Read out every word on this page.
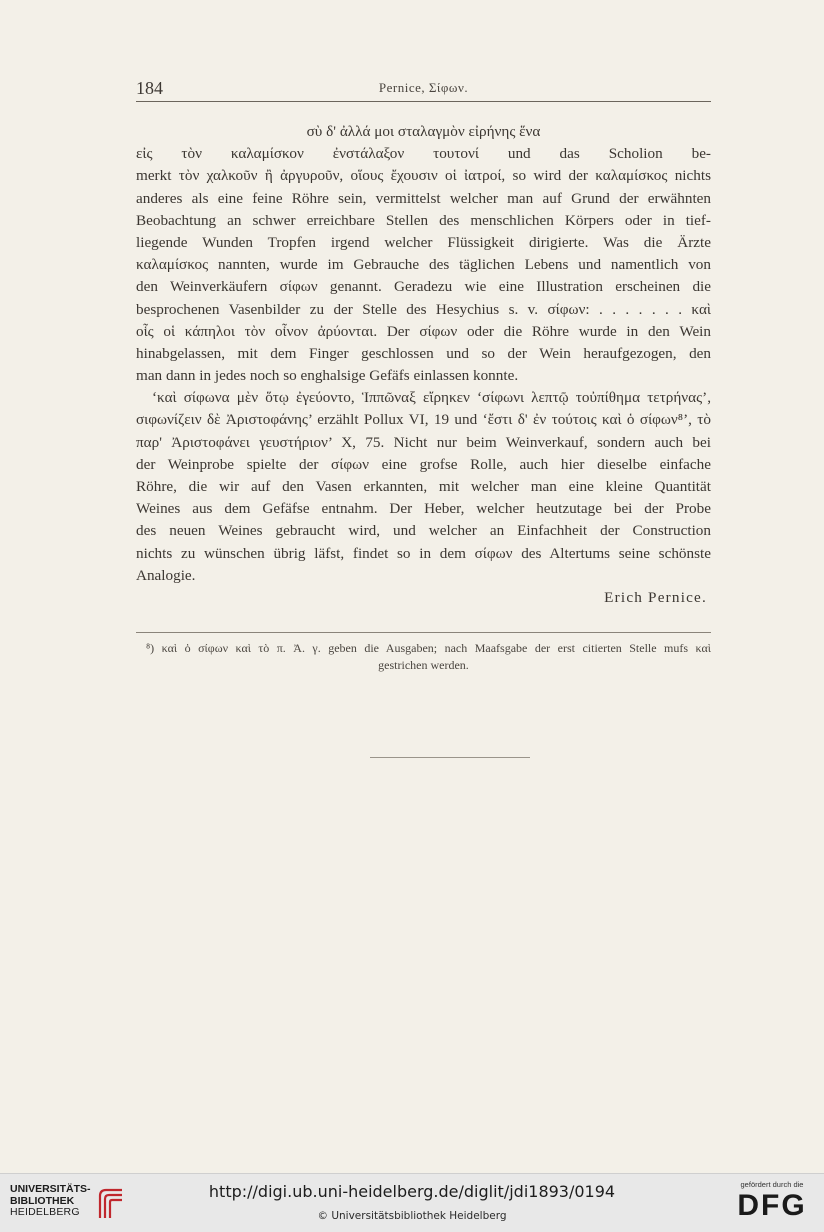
184	Pernice, Σίφων.
σὺ δ' ἀλλά μοι σταλαγμὸν εἰρήνης ἕνα
εἰς τὸν καλαμίσκον ἐνστάλαξον τουτονί und das Scholion be-
merkt τὸν χαλκοῦν ἢ ἀργυροῦν, οἵους ἔχουσιν οἱ ἰατροί, so wird der καλαμίσκος nichts
anderes als eine feine Röhre sein, vermittelst welcher man auf Grund der erwähnten
Beobachtung an schwer erreichbare Stellen des menschlichen Körpers oder in tief-
liegende Wunden Tropfen irgend welcher Flüssigkeit dirigierte. Was die Ärzte
καλαμίσκος nannten, wurde im Gebrauche des täglichen Lebens und namentlich von
den Weinverkäufern σίφων genannt. Geradezu wie eine Illustration erscheinen die
besprochenen Vasenbilder zu der Stelle des Hesychius s. v. σίφων: . . . . . . . καὶ
οἷς οἱ κάπηλοι τὸν οἶνον ἀρύονται. Der σίφων oder die Röhre wurde in den Wein
hinabgelassen, mit dem Finger geschlossen und so der Wein heraufgezogen, den
man dann in jedes noch so enghalsige Gefäfs einlassen konnte.
‘καὶ σίφωνα μὲν ὅτῳ ἐγεύοντο, Ἱππῶναξ εἴρηκεν ‘σίφωνι λεπτῷ τοὐπίθημα τετρήνας’,
σιφωνίζειν δὲ Ἀριστοφάνης’ erzählt Pollux VI, 19 und ‘ἔστι δ' ἐν τούτοις καὶ ὁ σίφων⁸’, τὸ
παρ' Ἀριστοφάνει γευστήριον’ X, 75. Nicht nur beim Weinverkauf, sondern auch bei
der Weinprobe spielte der σίφων eine grofse Rolle, auch hier dieselbe einfache
Röhre, die wir auf den Vasen erkannten, mit welcher man eine kleine Quantität
Weines aus dem Gefäfse entnahm. Der Heber, welcher heutzutage bei der Probe
des neuen Weines gebraucht wird, und welcher an Einfachheit der Construction
nichts zu wünschen übrig läfst, findet so in dem σίφων des Altertums seine schönste
Analogie.
Erich Pernice.
⁸) καὶ ὁ σίφων καὶ τὸ π. Ἀ. γ. geben die Ausgaben; nach Maafsgabe der erst citierten Stelle mufs καὶ
gestrichen werden.
UNIVERSITÄTS-
BIBLIOTHEK
HEIDELBERG
http://digi.ub.uni-heidelberg.de/diglit/jdi1893/0194
© Universitätsbibliothek Heidelberg
gefördert durch die
DFG
